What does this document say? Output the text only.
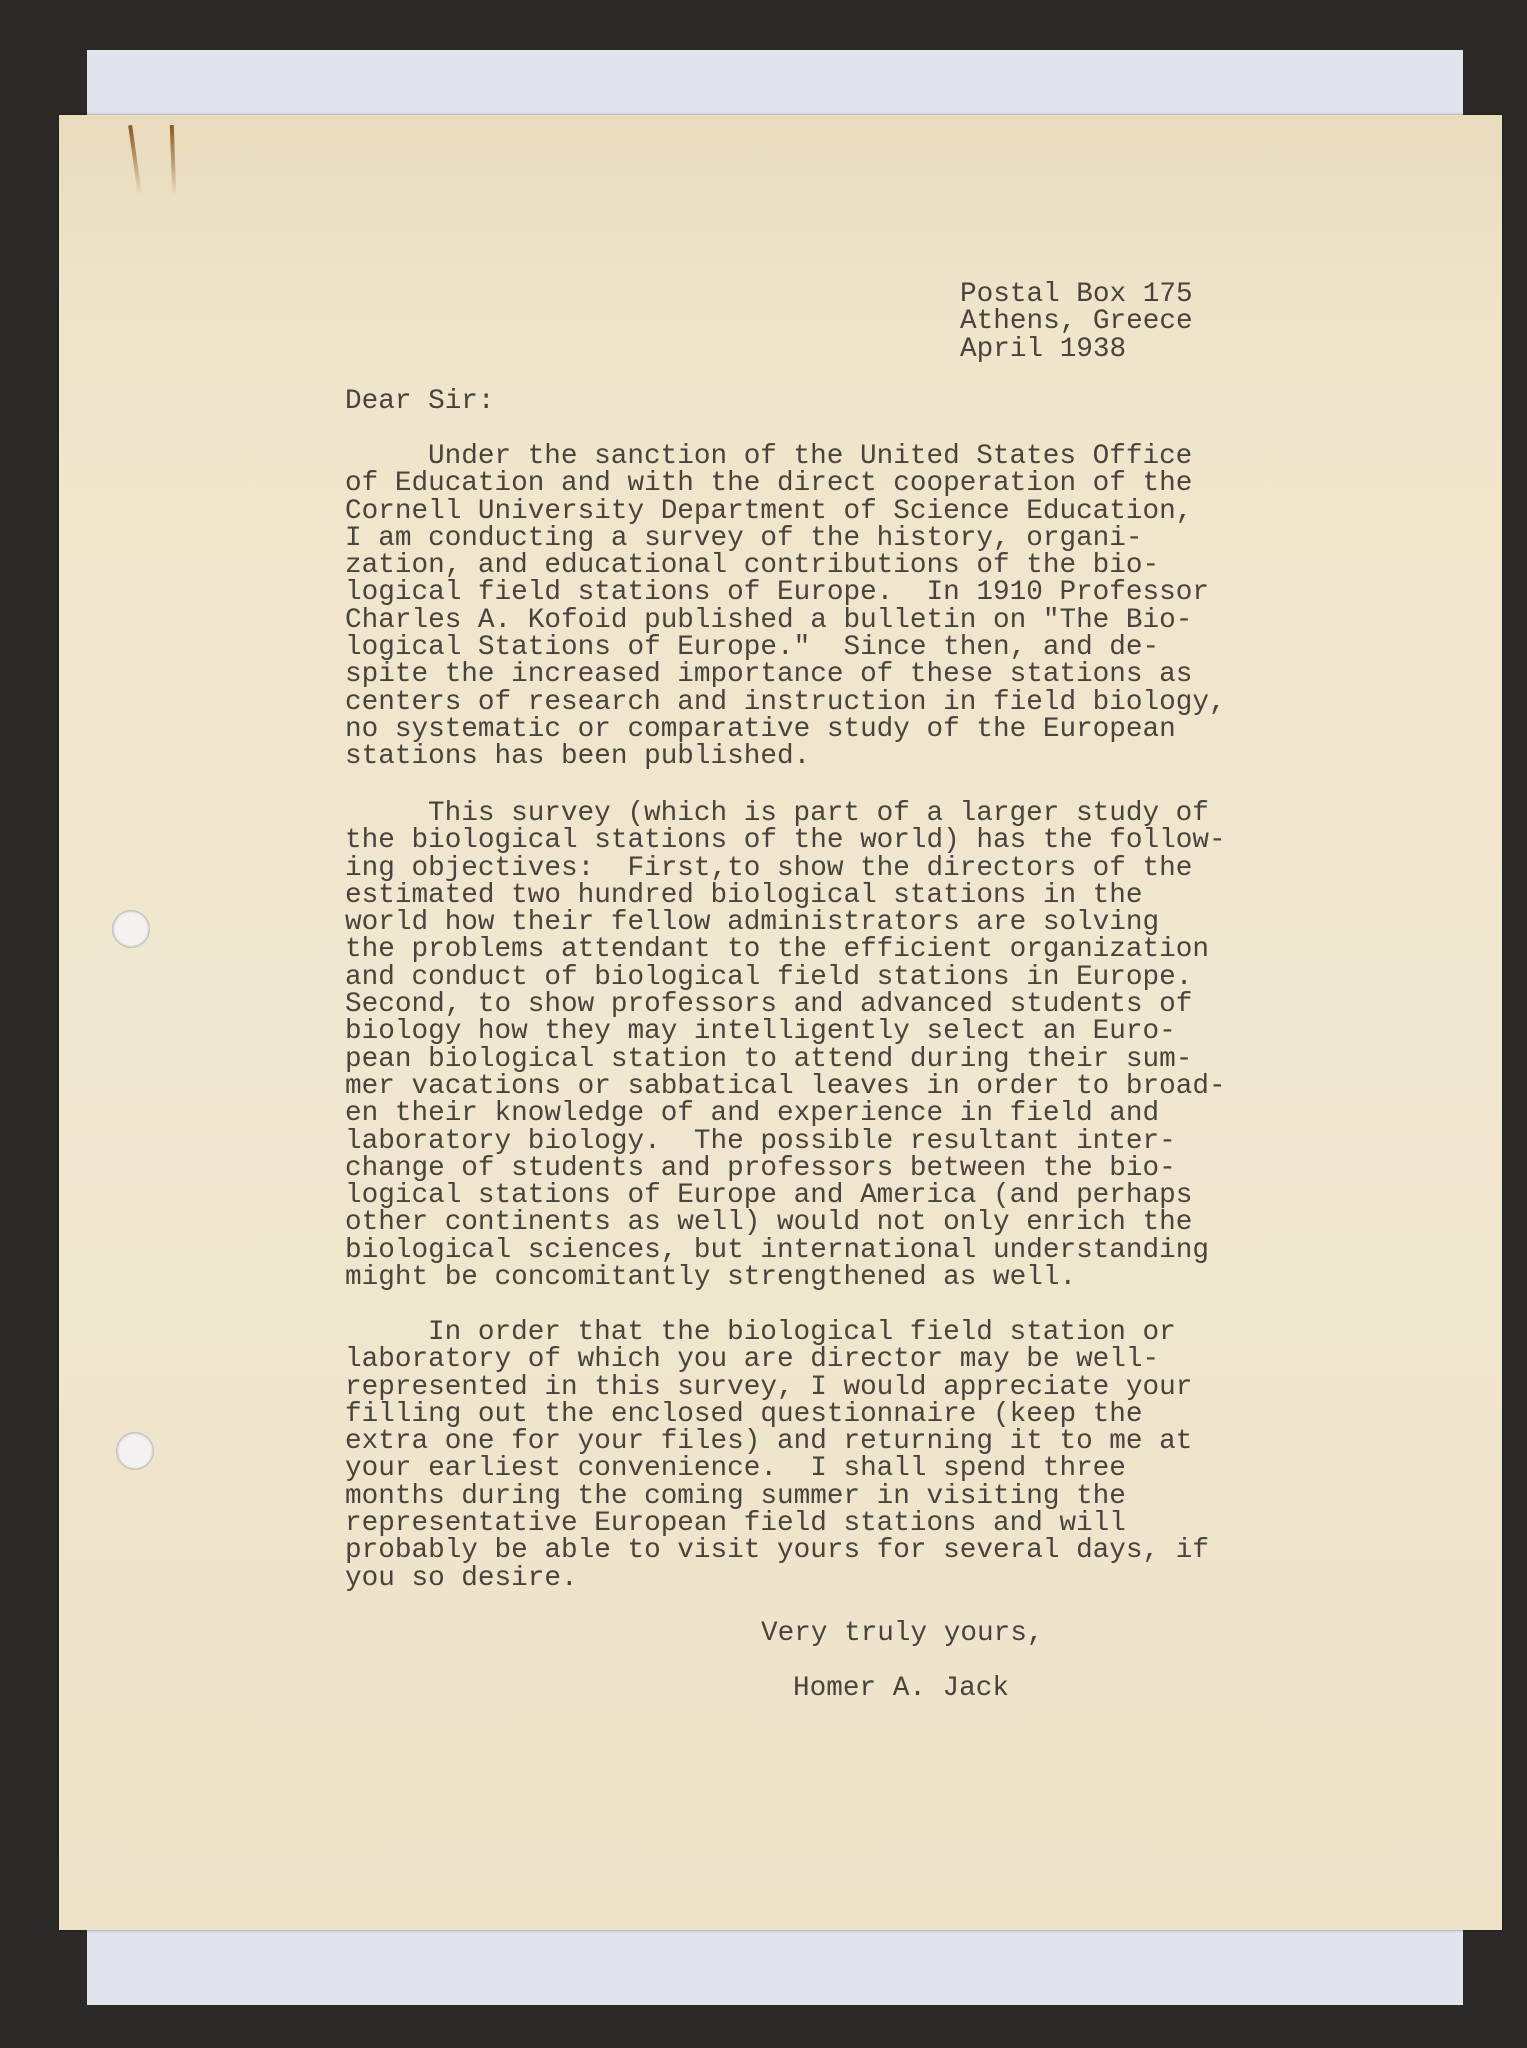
Postal Box 175
Athens, Greece
April 1938
Dear Sir:
Under the sanction of the United States Office
of Education and with the direct cooperation of the
Cornell University Department of Science Education,
I am conducting a survey of the history, organi-
zation, and educational contributions of the bio-
logical field stations of Europe.  In 1910 Professor
Charles A. Kofoid published a bulletin on "The Bio-
logical Stations of Europe."  Since then, and de-
spite the increased importance of these stations as
centers of research and instruction in field biology,
no systematic or comparative study of the European
stations has been published.
This survey (which is part of a larger study of
the biological stations of the world) has the follow-
ing objectives:  First,to show the directors of the
estimated two hundred biological stations in the
world how their fellow administrators are solving
the problems attendant to the efficient organization
and conduct of biological field stations in Europe.
Second, to show professors and advanced students of
biology how they may intelligently select an Euro-
pean biological station to attend during their sum-
mer vacations or sabbatical leaves in order to broad-
en their knowledge of and experience in field and
laboratory biology.  The possible resultant inter-
change of students and professors between the bio-
logical stations of Europe and America (and perhaps
other continents as well) would not only enrich the
biological sciences, but international understanding
might be concomitantly strengthened as well.
In order that the biological field station or
laboratory of which you are director may be well-
represented in this survey, I would appreciate your
filling out the enclosed questionnaire (keep the
extra one for your files) and returning it to me at
your earliest convenience.  I shall spend three
months during the coming summer in visiting the
representative European field stations and will
probably be able to visit yours for several days, if
you so desire.
Very truly yours,
Homer A. Jack
